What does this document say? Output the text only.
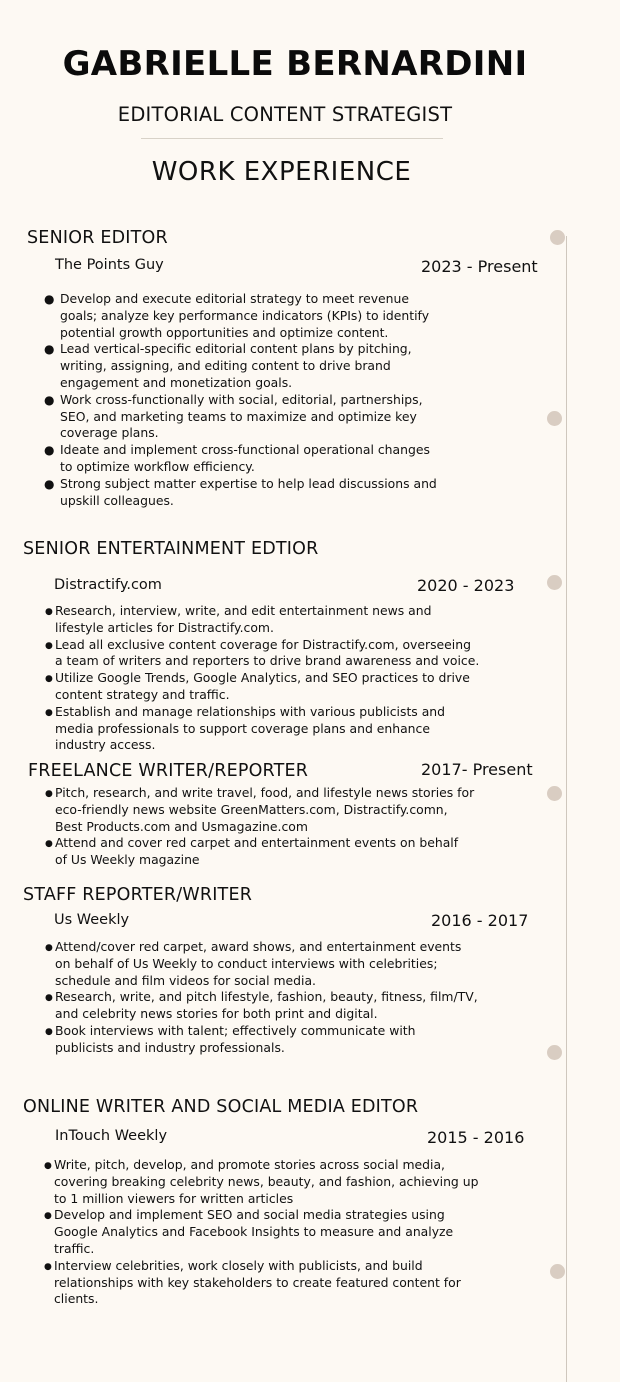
GABRIELLE BERNARDINI
EDITORIAL CONTENT STRATEGIST
WORK EXPERIENCE
SENIOR EDITOR
The Points Guy	2023 - Present
● Develop and execute editorial strategy to meet revenue
goals; analyze key performance indicators (KPIs) to identify
potential growth opportunities and optimize content.
● Lead vertical-specific editorial content plans by pitching,
writing, assigning, and editing content to drive brand
engagement and monetization goals.
● Work cross-functionally with social, editorial, partnerships,
SEO, and marketing teams to maximize and optimize key
coverage plans.
● Ideate and implement cross-functional operational changes
to optimize workflow efficiency.
● Strong subject matter expertise to help lead discussions and
upskill colleagues.
SENIOR ENTERTAINMENT EDTIOR
Distractify.com	2020 - 2023
● Research, interview, write, and edit entertainment news and
lifestyle articles for Distractify.com.
● Lead all exclusive content coverage for Distractify.com, overseeing
a team of writers and reporters to drive brand awareness and voice.
● Utilize Google Trends, Google Analytics, and SEO practices to drive
content strategy and traffic.
● Establish and manage relationships with various publicists and
media professionals to support coverage plans and enhance
industry access.
FREELANCE WRITER/REPORTER	2017- Present
● Pitch, research, and write travel, food, and lifestyle news stories for
eco-friendly news website GreenMatters.com, Distractify.comn,
Best Products.com and Usmagazine.com
● Attend and cover red carpet and entertainment events on behalf
of Us Weekly magazine
STAFF REPORTER/WRITER
Us Weekly	2016 - 2017
● Attend/cover red carpet, award shows, and entertainment events
on behalf of Us Weekly to conduct interviews with celebrities;
schedule and film videos for social media.
● Research, write, and pitch lifestyle, fashion, beauty, fitness, film/TV,
and celebrity news stories for both print and digital.
● Book interviews with talent; effectively communicate with
publicists and industry professionals.
ONLINE WRITER AND SOCIAL MEDIA EDITOR
InTouch Weekly	2015 - 2016
● Write, pitch, develop, and promote stories across social media,
covering breaking celebrity news, beauty, and fashion, achieving up
to 1 million viewers for written articles
● Develop and implement SEO and social media strategies using
Google Analytics and Facebook Insights to measure and analyze
traffic.
● Interview celebrities, work closely with publicists, and build
relationships with key stakeholders to create featured content for
clients.
